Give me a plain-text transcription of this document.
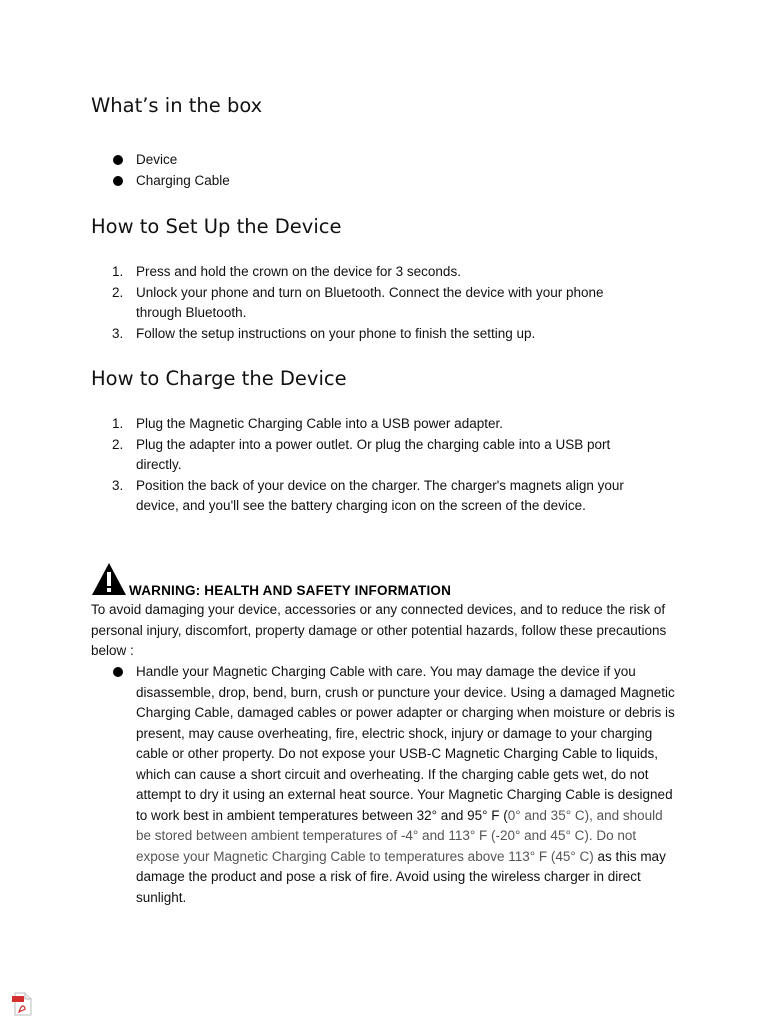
What’s in the box
Device
Charging Cable
How to Set Up the Device
1. Press and hold the crown on the device for 3 seconds.
2. Unlock your phone and turn on Bluetooth. Connect the device with your phone through Bluetooth.
3. Follow the setup instructions on your phone to finish the setting up.
How to Charge the Device
1. Plug the Magnetic Charging Cable into a USB power adapter.
2. Plug the adapter into a power outlet. Or plug the charging cable into a USB port directly.
3. Position the back of your device on the charger. The charger's magnets align your device, and you'll see the battery charging icon on the screen of the device.
WARNING: HEALTH AND SAFETY INFORMATION
To avoid damaging your device, accessories or any connected devices, and to reduce the risk of personal injury, discomfort, property damage or other potential hazards, follow these precautions below :
Handle your Magnetic Charging Cable with care. You may damage the device if you disassemble, drop, bend, burn, crush or puncture your device. Using a damaged Magnetic Charging Cable, damaged cables or power adapter or charging when moisture or debris is present, may cause overheating, fire, electric shock, injury or damage to your charging cable or other property. Do not expose your USB-C Magnetic Charging Cable to liquids, which can cause a short circuit and overheating. If the charging cable gets wet, do not attempt to dry it using an external heat source. Your Magnetic Charging Cable is designed to work best in ambient temperatures between 32° and 95° F (0° and 35° C), and should be stored between ambient temperatures of -4° and 113° F (-20° and 45° C). Do not expose your Magnetic Charging Cable to temperatures above 113° F (45° C) as this may damage the product and pose a risk of fire. Avoid using the wireless charger in direct sunlight.
